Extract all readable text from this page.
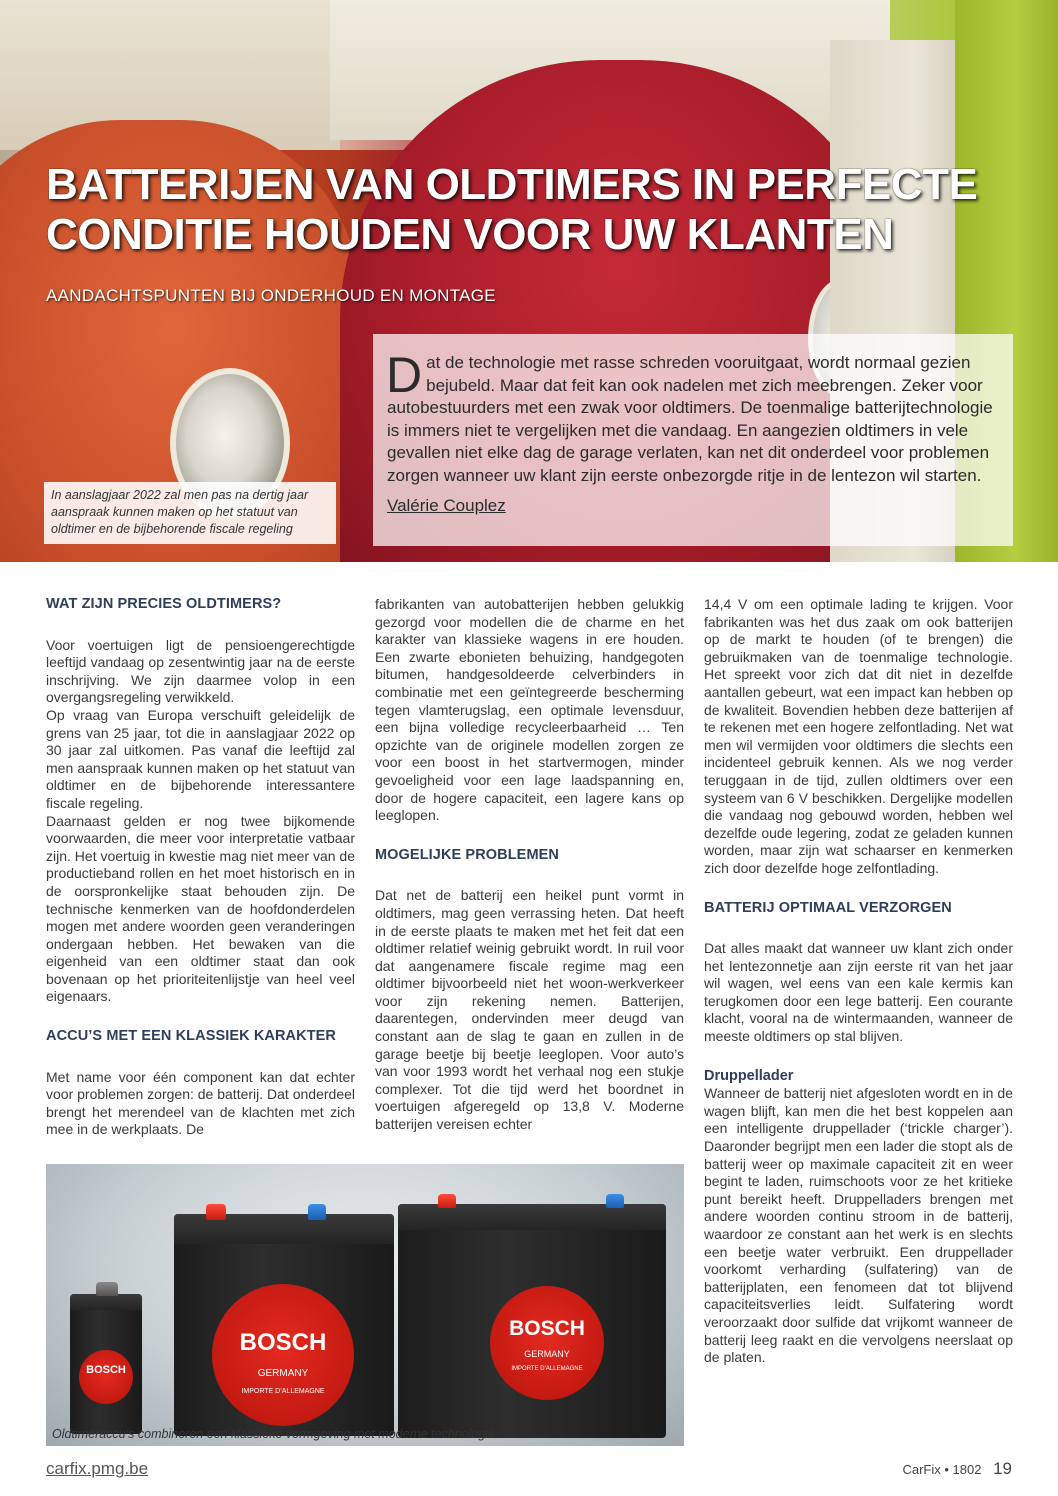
BATTERIJEN VAN OLDTIMERS IN PERFECTE
CONDITIE HOUDEN VOOR UW KLANTEN
AANDACHTSPUNTEN BIJ ONDERHOUD EN MONTAGE
In aanslagjaar 2022 zal men pas na dertig jaar aanspraak kunnen maken op het statuut van oldtimer en de bijbehorende fiscale regeling
D at de technologie met rasse schreden vooruitgaat, wordt normaal gezien bejubeld. Maar dat feit kan ook nadelen met zich meebrengen. Zeker voor autobestuurders met een zwak voor oldtimers. De toenmalige batterijtechnologie is immers niet te vergelijken met die vandaag. En aangezien oldtimers in vele gevallen niet elke dag de garage verlaten, kan net dit onderdeel voor problemen zorgen wanneer uw klant zijn eerste onbezorgde ritje in de lentezon wil starten.
Valérie Couplez
WAT ZIJN PRECIES OLDTIMERS?

Voor voertuigen ligt de pensioengerechtigde leeftijd vandaag op zesentwintig jaar na de eerste inschrijving. We zijn daarmee volop in een overgangsregeling verwikkeld.

Op vraag van Europa verschuift geleidelijk de grens van 25 jaar, tot die in aanslagjaar 2022 op 30 jaar zal uitkomen. Pas vanaf die leeftijd zal men aanspraak kunnen maken op het statuut van oldtimer en de bijbehorende interessantere fiscale regeling.

Daarnaast gelden er nog twee bijkomende voorwaarden, die meer voor interpretatie vatbaar zijn. Het voertuig in kwestie mag niet meer van de productieband rollen en het moet historisch en in de oorspronkelijke staat behouden zijn. De technische kenmerken van de hoofdonderdelen mogen met andere woorden geen veranderingen ondergaan hebben. Het bewaken van die eigenheid van een oldtimer staat dan ook bovenaan op het prioriteitenlijstje van heel veel eigenaars.

ACCU’S MET EEN KLASSIEK KARAKTER

Met name voor één component kan dat echter voor problemen zorgen: de batterij. Dat onderdeel brengt het merendeel van de klachten met zich mee in de werkplaats. De

fabrikanten van autobatterijen hebben gelukkig gezorgd voor modellen die de charme en het karakter van klassieke wagens in ere houden. Een zwarte ebonieten behuizing, handgegoten bitumen, handgesoldeerde celverbinders in combinatie met een geïntegreerde bescherming tegen vlamterugslag, een optimale levensduur, een bijna volledige recycleerbaarheid … Ten opzichte van de originele modellen zorgen ze voor een boost in het startvermogen, minder gevoeligheid voor een lage laadspanning en, door de hogere capaciteit, een lagere kans op leeglopen.

MOGELIJKE PROBLEMEN

Dat net de batterij een heikel punt vormt in oldtimers, mag geen verrassing heten. Dat heeft in de eerste plaats te maken met het feit dat een oldtimer relatief weinig gebruikt wordt. In ruil voor dat aangenamere fiscale regime mag een oldtimer bijvoorbeeld niet het woon-werkverkeer voor zijn rekening nemen. Batterijen, daarentegen, ondervinden meer deugd van constant aan de slag te gaan en zullen in de garage beetje bij beetje leeglopen. Voor auto’s van voor 1993 wordt het verhaal nog een stukje complexer. Tot die tijd werd het boordnet in voertuigen afgeregeld op 13,8 V. Moderne batterijen vereisen echter

14,4 V om een optimale lading te krijgen. Voor fabrikanten was het dus zaak om ook batterijen op de markt te houden (of te brengen) die gebruikmaken van de toenmalige technologie. Het spreekt voor zich dat dit niet in dezelfde aantallen gebeurt, wat een impact kan hebben op de kwaliteit. Bovendien hebben deze batterijen af te rekenen met een hogere zelfontlading. Net wat men wil vermijden voor oldtimers die slechts een incidenteel gebruik kennen. Als we nog verder teruggaan in de tijd, zullen oldtimers over een systeem van 6 V beschikken. Dergelijke modellen die vandaag nog gebouwd worden, hebben wel dezelfde oude legering, zodat ze geladen kunnen worden, maar zijn wat schaarser en kenmerken zich door dezelfde hoge zelfontlading.

BATTERIJ OPTIMAAL VERZORGEN

Dat alles maakt dat wanneer uw klant zich onder het lentezonnetje aan zijn eerste rit van het jaar wil wagen, wel eens van een kale kermis kan terugkomen door een lege batterij. Een courante klacht, vooral na de wintermaanden, wanneer de meeste oldtimers op stal blijven.

Druppellader

Wanneer de batterij niet afgesloten wordt en in de wagen blijft, kan men die het best koppelen aan een intelligente druppellader (‘trickle charger’). Daaronder begrijpt men een lader die stopt als de batterij weer op maximale capaciteit zit en weer begint te laden, ruimschoots voor ze het kritieke punt bereikt heeft. Druppelladers brengen met andere woorden continu stroom in de batterij, waardoor ze constant aan het werk is en slechts een beetje water verbruikt. Een druppellader voorkomt verharding (sulfatering) van de batterijplaten, een fenomeen dat tot blijvend capaciteitsverlies leidt. Sulfatering wordt veroorzaakt door sulfide dat vrijkomt wanneer de batterij leeg raakt en die vervolgens neerslaat op de platen.

BOSCH
BOSCH
GERMANY

IMPORTE D’ALLEMAGNE
BOSCH
GERMANY

IMPORTE D’ALLEMAGNE
Oldtimeraccu’s combineren een klassieke vormgeving met moderne technologie
carfix.pmg.be	CarFix • 1802 19
